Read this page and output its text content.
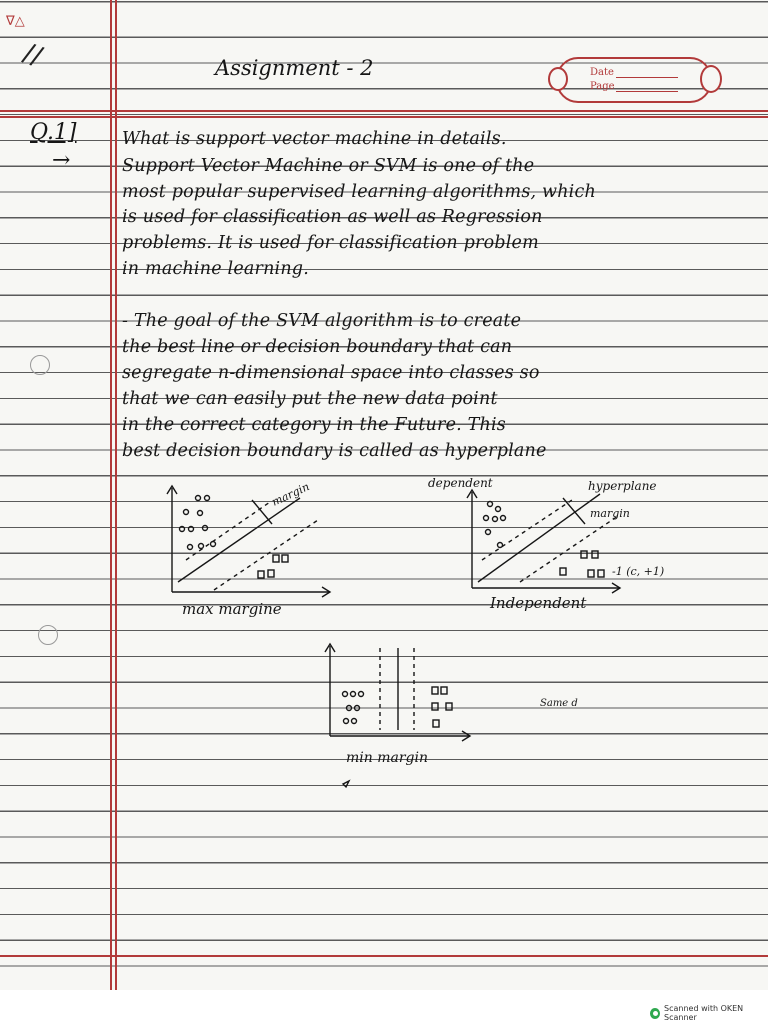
∇△
//	Assignment - 2	Date
Page
Q.1]
→
What is support vector machine in details.
Support Vector Machine or SVM is one of the
most popular supervised learning algorithms, which
is used for classification as well as Regression
problems. It is used for classification problem
in machine learning.
- The goal of the SVM algorithm is to create
the best line or decision boundary that can
segregate n-dimensional space into classes so
that we can easily put the new data point
in the correct category in the Future. This
best decision boundary is called as hyperplane
margin
max margine
dependent	hyperplane
margin
-1 (c, +1)
Independent
min margin
Same d
Scanned with OKEN Scanner
